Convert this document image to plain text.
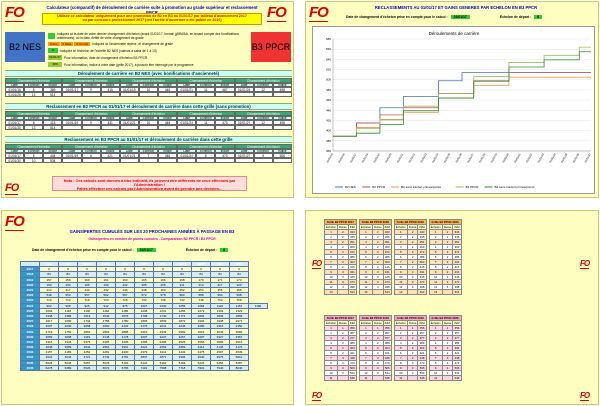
FO	FO
Calculateur (comparatif) de déroulement de carrière suite à promotion au grade supérieur et reclassement
Utilisez ce calculateur uniquement pour une promotion de B2 en B3 au 01/01/17 par tableau d'avancement 2017
ou par concours professionnel 2017 (ont l'arrêté d'ouverture a été publié en 2016)
B2 NES	B3 PPCR
Indiquez ici la date de votre dernier changement d'échelon (avant 01/01/17, format: jj/MM/AA, en tenant compte des bonifications antérieures), ou la date d'effet de votre changement de grade
0 Ans	0 Mois	0 Jour(s)	Indiquez ici l'ancienneté reprise, et changement de grade
8	Indiquez ici l'échelon de l'échelle B2 NES (valeurs à saisir de 1 à 13)
01/01/17 Pour information, date de changement d'échelon B3 PPCR
389	Pour information, indice à votre date (grille 2017), à pouvoir être interrogé par le programme
Déroulement de carrière en B2 NES (avec bonifications d'ancienneté)
Changement d'échelon	Changement d'échelon	Changement d'échelon	Changement d'échelon	Changement d'échelon
Date	Échelon	Indice	Date	Échelon	Indice	Date	Échelon	Indice	Date	Échelon	Indice	Date	Échelon	Indice
01/01/15	8	389	01/01/17	9	415	01/01/19	10	445	01/01/21	11	467	01/01/24	12	498
01/01/26	13	514
Reclassement en B2 PPCR au 01/01/17 et déroulement de carrière dans cette grille (sans promotion)
Changement d'échelon	Changement d'échelon	Changement d'échelon	Changement d'échelon	Changement d'échelon
Date	Échelon	Indice	Date	Échelon	Indice	Date	Échelon	Indice	Date	Échelon	Indice	Date	Échelon	Indice
01/01/17	8	415	01/01/19	9	431	01/01/21	10	445	01/01/24	11	473	01/01/27	12	498
01/01/30	13	514
Reclassement en B3 PPCR au 01/01/17 et déroulement de carrière dans cette grille
Changement d'échelon	Changement d'échelon	Changement d'échelon	Changement d'échelon	Changement d'échelon
Date	Échelon	Indice	Date	Échelon	Indice	Date	Échelon	Indice	Date	Échelon	Indice	Date	Échelon	Indice
01/01/17	5	404	01/01/19	6	421	01/01/21	7	448	01/01/24	8	473	01/01/27	9	506
01/01/30	10	534
FO
Nota : Ces calculs sont donnés à titre indicatif, ils peuvent être différents de ceux effectués par l'Administration !
Faites effectuer ces calculs par l'Administration avant de prendre une décision...
FO	RECLASSEMENTS AU 01/01/17 ET GAINS GENERES PAR ECHELON EN B3 PPCR
Date de changement d'échelon prise en compte pour le calcul :	01/01/17	Échelon de départ :	8
Déroulements de carrière
360
380
400
420
440
460
480
500
520
540
560
580
01/01/15	01/01/16	01/01/17	01/01/18	01/01/19	01/01/20	01/01/21	01/01/22	01/01/23	01/01/24	01/01/25	01/01/26	01/01/27	01/01/28	01/01/29	01/01/30	01/01/31	01/01/32	01/01/33	01/01/34	01/01/35	01/01/36	01/01/37
B2 NES	B2 PPCR	B2 sans tranfert primes/points	B3 PPCR	B3 sans tranfert primes/points
FO
GAINS/PERTES CUMULÉS SUR LES 20 PROCHAINES ANNÉES À PASSAGE EN B3
Gains/pertes en nombre de points cumulés - Comparaison B2 PPCR / B3 PPCR
Date de changement d'échelon prise en compte pour le calcul :	01/01/17	Échelon de départ :	8
	cuts	FEV	MARS	AVRIL	MAI	JUIN	JUIL	AOÛT	SEPT	OCT	NOV	
2017	0	0	0	0	0	0	0	0	0	0	0	
2018	84	84	84	84	84	84	84	84	84	84	84	
2019	157	159	160	161	163	165	166	168	170	171	173	
2020	190	193	196	199	202	205	208	211	214	217	220	
2021	414	417	440	442	446	448	450	452	454	456	458	
2022	548	553	557	562	567	572	578	583	588	594	598	
2023	710	713	718	723	728	732	738	743	748	753	758	
2024	902	908	925	942	975	1007	1030	1055	1084	1122	1157	1196
2025	1093	1118	1140	1162	1185	1208	1231	1255	1279	1304	1329	
2026	1348	1389	1513	1544	1576	1708	1740	1772	1804	1836	1868	
2027	1617	1690	1734	1758	1780	1806	1839	1872	1904	1938	1971	
2028	2007	2030	2058	2090	2132	2176	2211	2245	2280	2315	2350	
2029	2719	2750	2863	2864	2888	2916	2949	2982	3016	3049	3083	
2030	3069	3098	3119	3148	3178	3207	3237	3267	3297	3327	3357	
2031	3316	3346	3375	3405	3435	3465	3495	3525	3556	3586	3616	
2032	3648	3689	3942	3963	3991	4021	4052	4083	4114	4145	4176	
2033	4157	4189	4252	4281	4330	4379	4411	4443	4475	4507	4539	
2034	4624	4644	4721	4742	4781	4837	4871	4906	4940	4975	5010	
2035	5024	5046	5057	5078	5101	5131	5162	5193	5224	5256	5287	
2036	6278	6389	6526	6672	6765	7119	7598	7718	7901	7940	8040	
Grille B2 PPCR 2017		
Échelon	Durée	INM
1	2	343
2	2	345
3	2	351
4	2	360
5	2	372
6	2	386
7	2	403
8	2	415
9	3	431
10	3	445
11	3	473
12	4	498
13		514
Grille B2 PPCR 2018		
Échelon	Durée	INM
1	2	343
2	2	345
3	2	351
4	2	360
5	2	372
6	2	386
7	2	403
8	2	415
9	3	431
10	3	445
11	3	473
12	4	498
13		514
Grille B2 PPCR 2019		
Échelon	Durée	INM
1	2	343
2	2	345
3	2	351
4	2	360
5	2	372
6	2	386
7	2	403
8	2	415
9	3	431
10	3	445
11	3	473
12	4	498
13		514
Grille B2 PPCR 2020		
Échelon	Durée	INM
1	2	343
2	2	345
3	2	351
4	2	360
5	2	372
6	2	386
7	2	403
8	2	415
9	3	431
10	3	445
11	3	473
12	4	498
13		514
Grille B3 PPCR 2017		
Échelon	Durée	INM
1	1	356
2	2	367
3	2	377
4	2	389
5	2	404
6	2	421
7	3	448
8	3	473
9	3	506
10	3	534
11		548
Grille B3 PPCR 2018		
Échelon	Durée	INM
1	1	356
2	2	367
3	2	377
4	2	389
5	2	404
6	2	421
7	3	448
8	3	473
9	3	506
10	3	534
11		548
Grille B3 PPCR 2019		
Échelon	Durée	INM
1	1	356
2	2	367
3	2	377
4	2	389
5	2	404
6	2	421
7	3	448
8	3	473
9	3	506
10	3	534
11		548
Grille B3 PPCR 2020		
Échelon	Durée	INM
1	1	356
2	2	367
3	2	377
4	2	389
5	2	404
6	2	421
7	3	448
8	3	473
9	3	506
10	3	534
11		548
FO	FO
FO	FO
